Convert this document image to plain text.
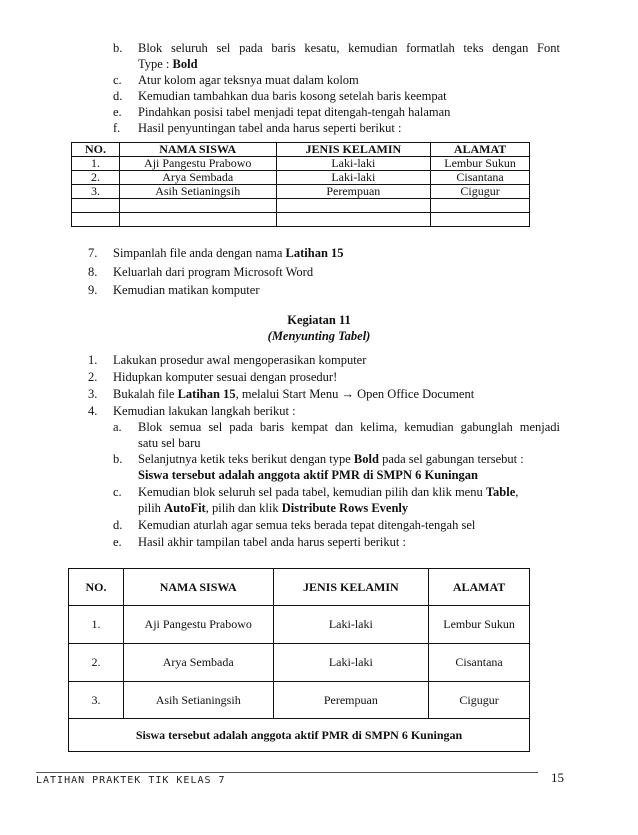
b. Blok seluruh sel pada baris kesatu, kemudian formatlah teks dengan Font
Type : Bold
c. Atur kolom agar teksnya muat dalam kolom
d. Kemudian tambahkan dua baris kosong setelah baris keempat
e. Pindahkan posisi tabel menjadi tepat ditengah-tengah halaman
f. Hasil penyuntingan tabel anda harus seperti berikut :
NO.	NAMA SISWA	JENIS KELAMIN	ALAMAT
1.	Aji Pangestu Prabowo	Laki-laki	Lembur Sukun
2.	Arya Sembada	Laki-laki	Cisantana
3.	Asih Setianingsih	Perempuan	Cigugur

7. Simpanlah file anda dengan nama Latihan 15
8. Keluarlah dari program Microsoft Word
9. Kemudian matikan komputer
Kegiatan 11
(Menyunting Tabel)
1. Lakukan prosedur awal mengoperasikan komputer
2. Hidupkan komputer sesuai dengan prosedur!
3. Bukalah file Latihan 15, melalui Start Menu → Open Office Document
4. Kemudian lakukan langkah berikut :
a. Blok semua sel pada baris kempat dan kelima, kemudian gabunglah menjadi
satu sel baru
b. Selanjutnya ketik teks berikut dengan type Bold pada sel gabungan tersebut :
Siswa tersebut adalah anggota aktif PMR di SMPN 6 Kuningan
c. Kemudian blok seluruh sel pada tabel, kemudian pilih dan klik menu Table,
pilih AutoFit, pilih dan klik Distribute Rows Evenly
d. Kemudian aturlah agar semua teks berada tepat ditengah-tengah sel
e. Hasil akhir tampilan tabel anda harus seperti berikut :
NO.	NAMA SISWA	JENIS KELAMIN	ALAMAT
1.	Aji Pangestu Prabowo	Laki-laki	Lembur Sukun
2.	Arya Sembada	Laki-laki	Cisantana
3.	Asih Setianingsih	Perempuan	Cigugur
Siswa tersebut adalah anggota aktif PMR di SMPN 6 Kuningan			
LATIHAN PRAKTEK TIK KELAS 7	15
